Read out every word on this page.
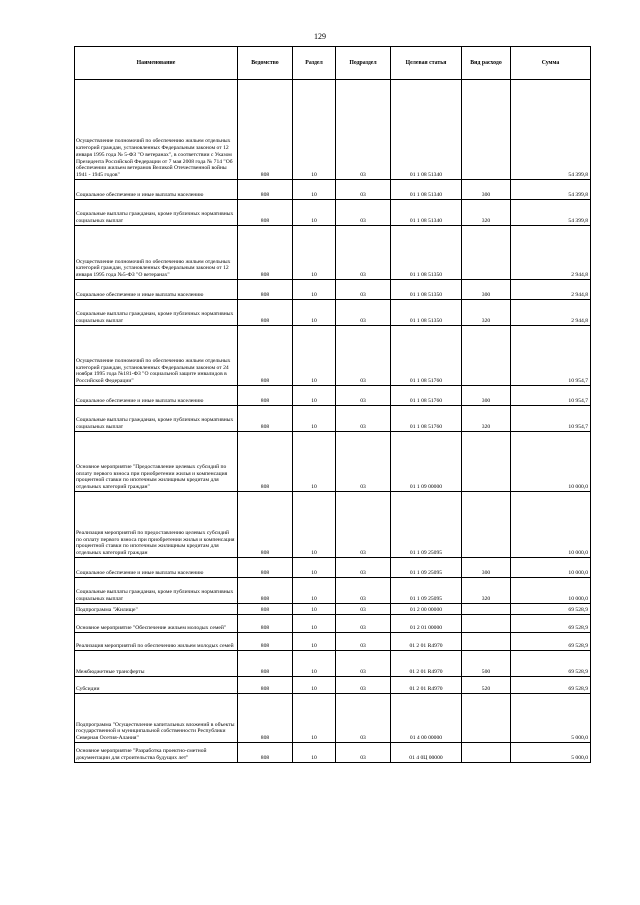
129
Наименование	Ведомство	Раздел	Подраздел	Целевая статья	Вид расходо	Сумма
Осуществление полномочий по обеспечению жильем отдельных категорий граждан, установленных Федеральным законом от 12 января 1995 года № 5-ФЗ "О ветеранах", в соответствии с Указом Президента Российской Федерации от 7 мая 2008 года № 714 "Об обеспечении жильем ветеранов Великой Отечественной войны 1941 - 1945 годов"	808	10	03	01 1 08 51340		54 399,8
Социальное обеспечение и иные выплаты населению	808	10	03	01 1 08 51340	300	54 399,8
Социальные выплаты гражданам, кроме публичных нормативных социальных выплат	808	10	03	01 1 08 51340	320	54 399,8
Осуществление полномочий по обеспечению жильем отдельных категорий граждан, установленных Федеральным законом от 12 января 1995 года №5-ФЗ "О ветеранах"	808	10	03	01 1 08 51350		2 944,8
Социальное обеспечение и иные выплаты населению	808	10	03	01 1 08 51350	300	2 944,8
Социальные выплаты гражданам, кроме публичных нормативных социальных выплат	808	10	03	01 1 08 51350	320	2 944,8
Осуществление полномочий по обеспечению жильем отдельных категорий граждан, установленных Федеральным законом от 24 ноября 1995 года №181-ФЗ "О социальной защите инвалидов в Российской Федерации"	808	10	03	01 1 08 51760		10 954,7
Социальное обеспечение и иные выплаты населению	808	10	03	01 1 08 51760	300	10 954,7
Социальные выплаты гражданам, кроме публичных нормативных социальных выплат	808	10	03	01 1 08 51760	320	10 954,7
Основное мероприятие "Предоставление целевых субсидий по оплату первого взноса при приобретении жилья и компенсация процентной ставки по ипотечным жилищным кредитам для отдельных категорий граждан"	808	10	03	01 1 09 00000		10 000,0
Реализация мероприятий по предоставлению целевых субсидий по оплату первого взноса при приобретении жилья и компенсация процентной ставки по ипотечным жилищным кредитам для отдельных категорий граждан	808	10	03	01 1 09 25095		10 000,0
Социальное обеспечение и иные выплаты населению	808	10	03	01 1 09 25095	300	10 000,0
Социальные выплаты гражданам, кроме публичных нормативных социальных выплат	808	10	03	01 1 09 25095	320	10 000,0
Подпрограмма "Жилище"	808	10	03	01 2 00 00000		69 528,9
Основное мероприятие "Обеспечение жильем молодых семей"	808	10	03	01 2 01 00000		69 528,9
Реализация мероприятий по обеспечению жильем молодых семей	808	10	03	01 2 01 R4970		69 528,9
Межбюджетные трансферты	808	10	03	01 2 01 R4970	500	69 528,9
Субсидии	808	10	03	01 2 01 R4970	520	69 528,9
Подпрограмма "Осуществление капитальных вложений в объекты государственной и муниципальной собственности Республики Северная Осетия-Алания"	808	10	03	01 4 00 00000		5 000,0
Основное мероприятие "Разработка проектно-сметной документации для строительства будущих лет"	808	10	03	01 4 0Ц 00000		5 000,0
